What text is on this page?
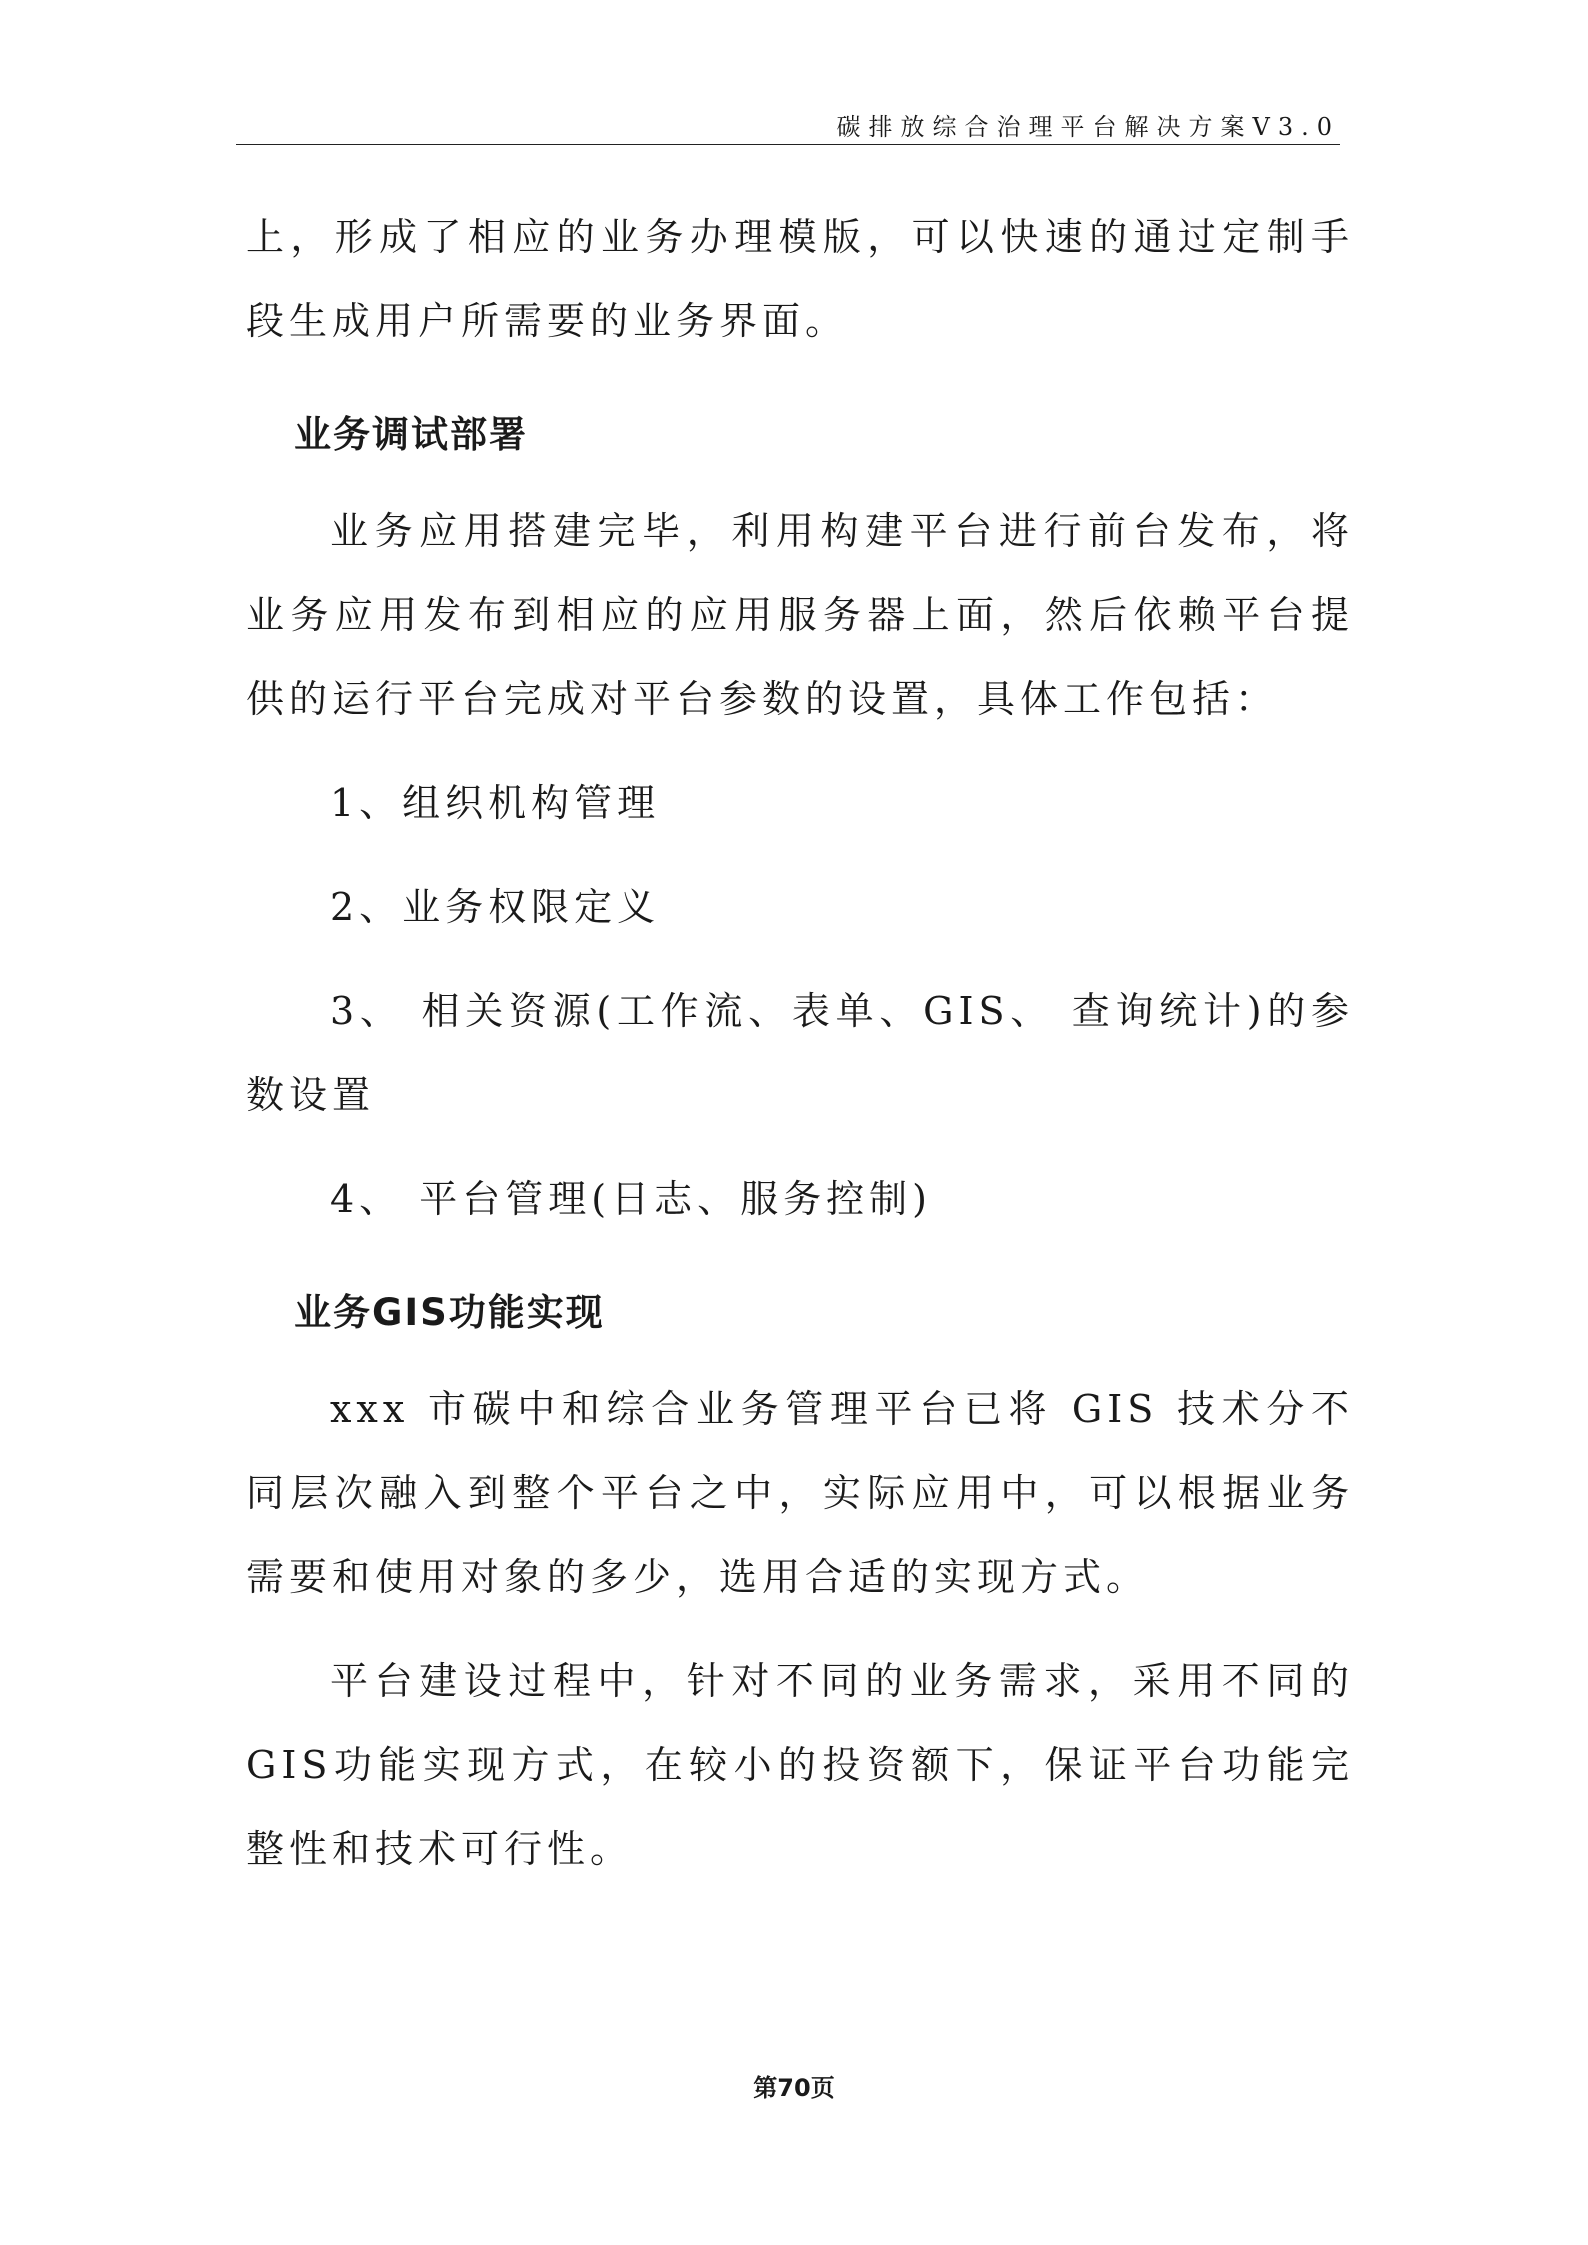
碳排放综合治理平台解决方案V3.0

上，形成了相应的业务办理模版，可以快速的通过定制手段生成用户所需要的业务界面。

业务调试部署

业务应用搭建完毕，利用构建平台进行前台发布，将业务应用发布到相应的应用服务器上面，然后依赖平台提供的运行平台完成对平台参数的设置，具体工作包括：

1、组织机构管理

2、业务权限定义

3、 相关资源(工作流、表单、GIS、 查询统计)的参数设置

4、 平台管理(日志、服务控制)

业务GIS功能实现

xxx 市碳中和综合业务管理平台已将 GIS 技术分不同层次融入到整个平台之中，实际应用中，可以根据业务需要和使用对象的多少，选用合适的实现方式。

平台建设过程中，针对不同的业务需求，采用不同的GIS功能实现方式，在较小的投资额下，保证平台功能完整性和技术可行性。

第70页
